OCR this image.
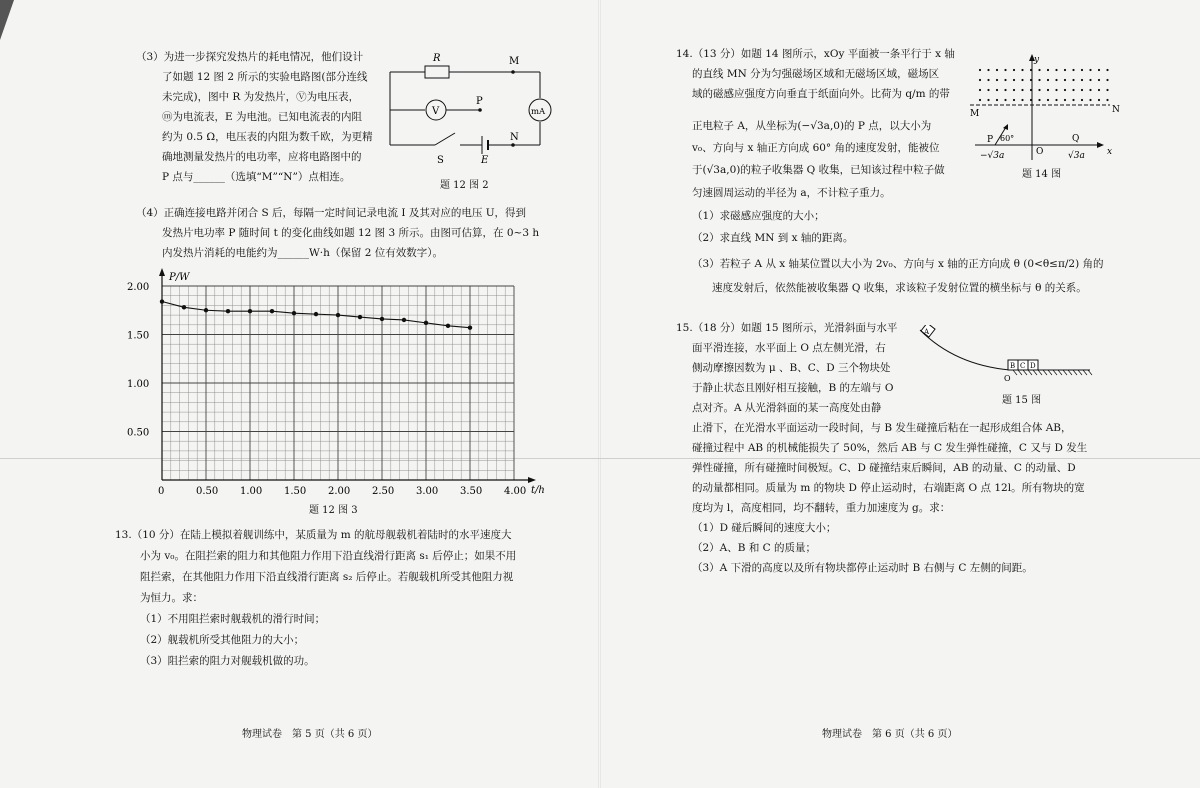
（3）为进一步探究发热片的耗电情况，他们设计
了如题 12 图 2 所示的实验电路图(部分连线
未完成)，图中 R 为发热片，Ⓥ为电压表，
ⓜ为电流表，E 为电池。已知电流表的内阻
约为 0.5 Ω，电压表的内阻为数千欧，为更精
确地测量发热片的电功率，应将电路图中的
P 点与______（选填“M”“N”）点相连。
R	M
V
P
mA
S	E
N
题 12 图 2
（4）正确连接电路并闭合 S 后，每隔一定时间记录电流 I 及其对应的电压 U，得到
发热片电功率 P 随时间 t 的变化曲线如题 12 图 3 所示。由图可估算，在 0~3 h
内发热片消耗的电能约为______W·h（保留 2 位有效数字）。
0	0.50 1.00 1.50 2.00 2.50 3.00 3.50 4.00
0.50
1.00
1.50
2.00
P/W
t/h
题 12 图 3
13.（10 分）在陆上模拟着舰训练中，某质量为 m 的航母舰载机着陆时的水平速度大
小为 v₀。在阻拦索的阻力和其他阻力作用下沿直线滑行距离 s₁ 后停止；如果不用
阻拦索，在其他阻力作用下沿直线滑行距离 s₂ 后停止。若舰载机所受其他阻力视
为恒力。求：
（1）不用阻拦索时舰载机的滑行时间；
（2）舰载机所受其他阻力的大小；
（3）阻拦索的阻力对舰载机做的功。
物理试卷　第 5 页（共 6 页）
14.（13 分）如题 14 图所示，xOy 平面被一条平行于 x 轴
的直线 MN 分为匀强磁场区域和无磁场区域，磁场区
域的磁感应强度方向垂直于纸面向外。比荷为 q/m 的带
正电粒子 A，从坐标为(−√3a,0)的 P 点，以大小为
v₀、方向与 x 轴正方向成 60° 角的速度发射，能被位
于(√3a,0)的粒子收集器 Q 收集，已知该过程中粒子做
匀速圆周运动的半径为 a，不计粒子重力。
（1）求磁感应强度的大小；
（2）求直线 MN 到 x 轴的距离。
（3）若粒子 A 从 x 轴某位置以大小为 2v₀、方向与 x 轴的正方向成 θ (0<θ≤π/2) 角的
速度发射后，依然能被收集器 Q 收集，求该粒子发射位置的横坐标与 θ 的关系。
y
M	N
P 60°
O
Q
x
−√3a	√3a
题 14 图
15.（18 分）如题 15 图所示，光滑斜面与水平
面平滑连接，水平面上 O 点左侧光滑，右
侧动摩擦因数为 μ 、B、C、D 三个物块处
于静止状态且刚好相互接触，B 的左端与 O
点对齐。A 从光滑斜面的某一高度处由静
止滑下，在光滑水平面运动一段时间，与 B 发生碰撞后粘在一起形成组合体 AB，
碰撞过程中 AB 的机械能损失了 50%，然后 AB 与 C 发生弹性碰撞，C 又与 D 发生
弹性碰撞，所有碰撞时间极短。C、D 碰撞结束后瞬间，AB 的动量、C 的动量、D
的动量都相同。质量为 m 的物块 D 停止运动时，右端距离 O 点 12l。所有物块的宽
度均为 l，高度相同，均不翻转，重力加速度为 g。求：
（1）D 碰后瞬间的速度大小；
（2）A、B 和 C 的质量；
（3）A 下滑的高度以及所有物块都停止运动时 B 右侧与 C 左侧的间距。
A
B C D
O
题 15 图
物理试卷　第 6 页（共 6 页）
